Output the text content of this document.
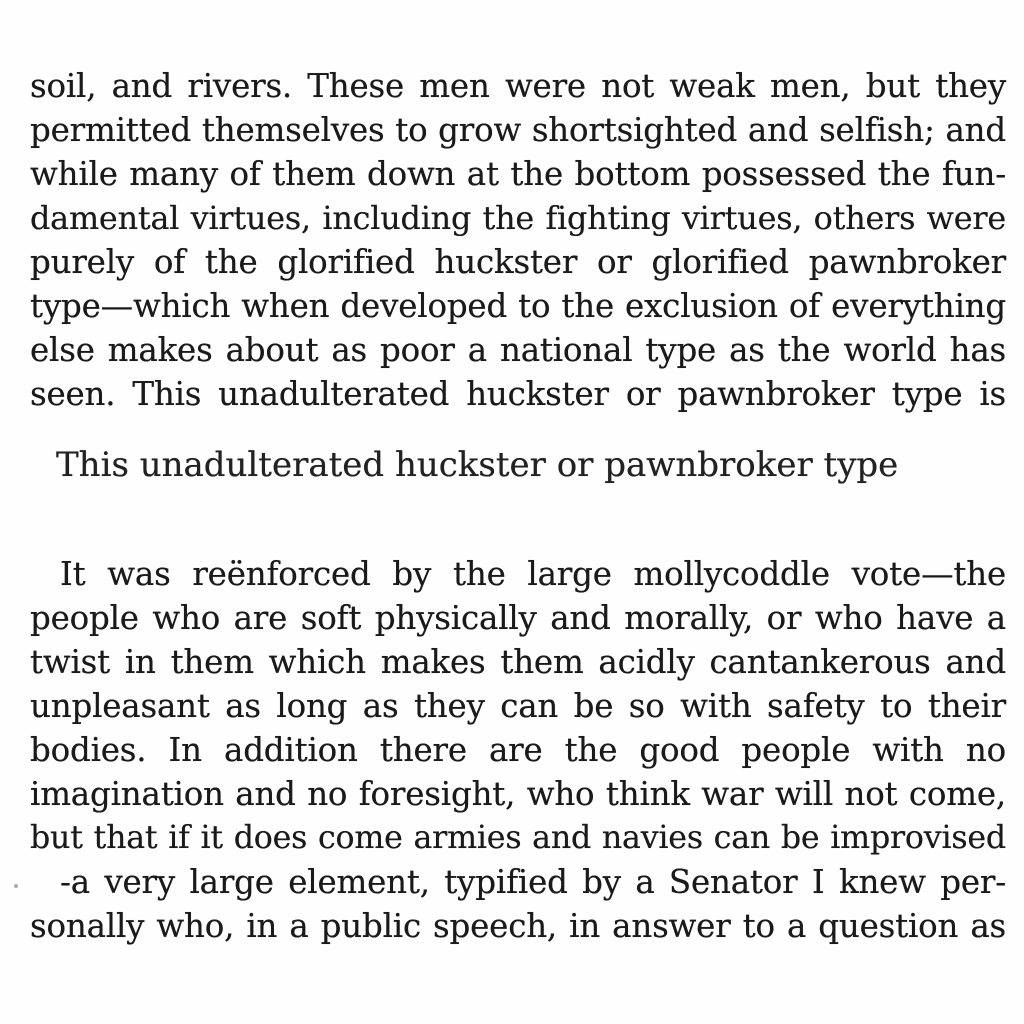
soil, and rivers. These men were not weak men, but they
permitted themselves to grow shortsighted and selfish; and
while many of them down at the bottom possessed the fun-
damental virtues, including the fighting virtues, others were
purely of the glorified huckster or glorified pawnbroker
type—which when developed to the exclusion of everything
else makes about as poor a national type as the world has
seen. This unadulterated huckster or pawnbroker type is
This unadulterated huckster or pawnbroker type
It was reënforced by the large mollycoddle vote—the
people who are soft physically and morally, or who have a
twist in them which makes them acidly cantankerous and
unpleasant as long as they can be so with safety to their
bodies. In addition there are the good people with no
imagination and no foresight, who think war will not come,
but that if it does come armies and navies can be improvised
-a very large element, typified by a Senator I knew per-
sonally who, in a public speech, in answer to a question as
